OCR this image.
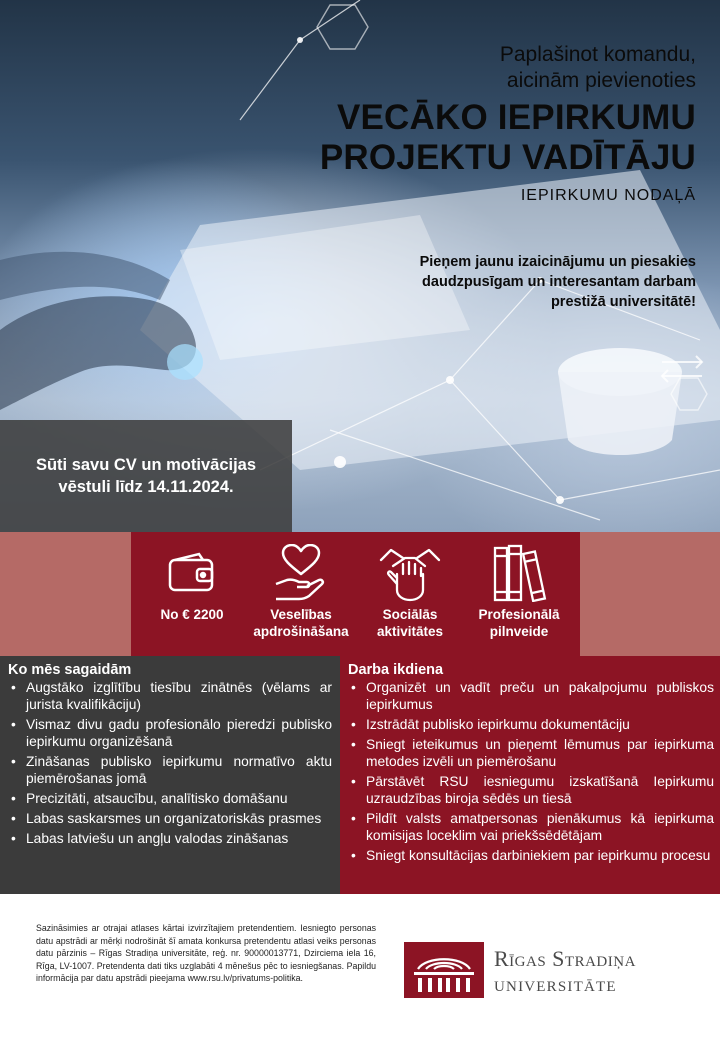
Paplašinot komandu,
aicinām pievienoties
VECĀKO IEPIRKUMU
PROJEKTU VADĪTĀJU
IEPIRKUMU NODAĻĀ
Pieņem jaunu izaicinājumu un piesakies
daudzpusīgam un interesantam darbam
prestižā universitātē!
Sūti savu CV un motivācijas
vēstuli līdz 14.11.2024.
No € 2200	Veselības
apdrošināšana
Sociālās
aktivitātes
Profesionālā
pilnveide
Ko mēs sagaidām
• Augstāko izglītību tiesību zinātnēs (vēlams ar jurista kvalifikāciju)
• Vismaz divu gadu profesionālo pieredzi publisko iepirkumu organizēšanā
• Zināšanas publisko iepirkumu normatīvo aktu piemērošanas jomā
• Precizitāti, atsaucību, analītisko domāšanu
• Labas saskarsmes un organizatoriskās prasmes
• Labas latviešu un angļu valodas zināšanas
Darba ikdiena
• Organizēt un vadīt preču un pakalpojumu publiskos iepirkumus
• Izstrādāt publisko iepirkumu dokumentāciju
• Sniegt ieteikumus un pieņemt lēmumus par iepirkuma metodes izvēli un piemērošanu
• Pārstāvēt RSU iesniegumu izskatīšanā Iepirkumu uzraudzības biroja sēdēs un tiesā
• Pildīt valsts amatpersonas pienākumus kā iepirkuma komisijas loceklim vai priekšsēdētājam
• Sniegt konsultācijas darbiniekiem par iepirkumu procesu
Sazināsimies ar otrajai atlases kārtai izvirzītajiem pretendentiem. Iesniegto personas datu apstrādi ar mērķi nodrošināt šī amata konkursa pretendentu atlasi veiks personas datu pārzinis – Rīgas Stradiņa universitāte, reģ. nr. 90000013771, Dzirciema iela 16, Rīga, LV-1007. Pretendenta dati tiks uzglabāti 4 mēnešus pēc to iesniegšanas. Papildu informācija par datu apstrādi pieejama www.rsu.lv/privatums-politika.
Rīgas Stradiņa
universitāte
